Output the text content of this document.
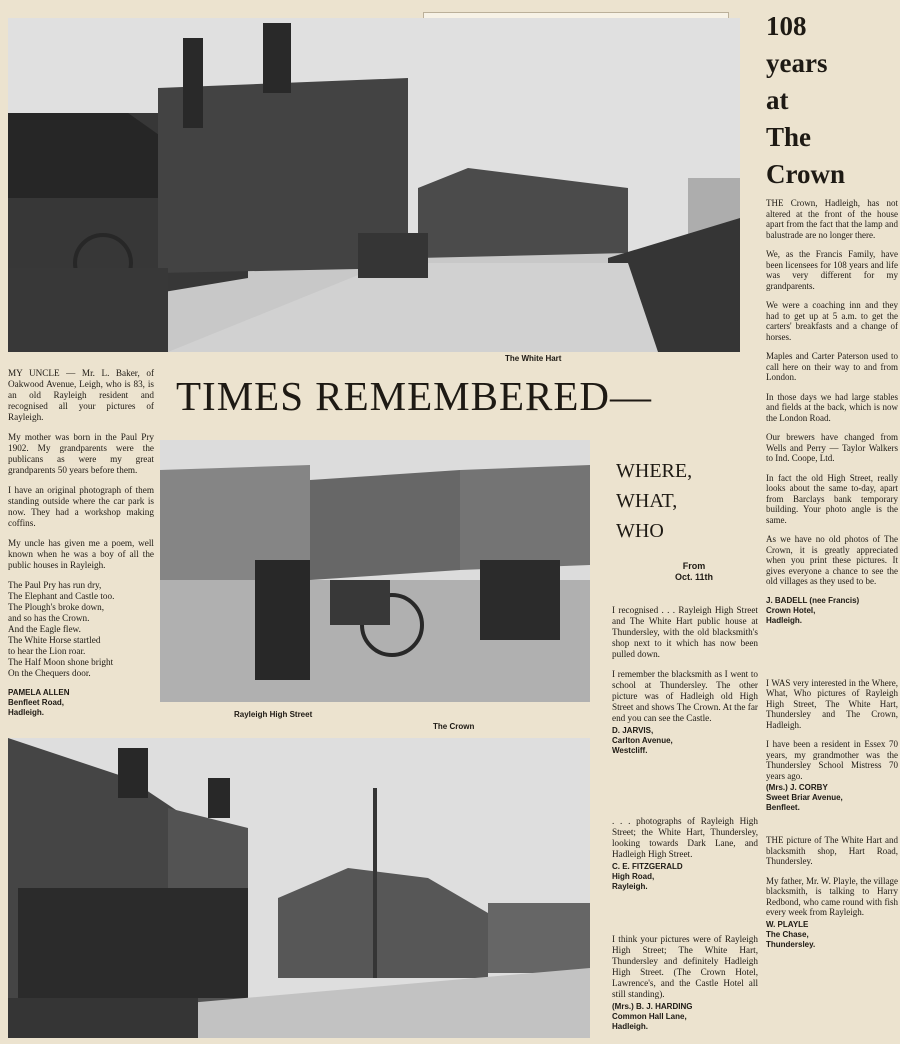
108
years
at
The
Crown
The White Hart
TIMES REMEMBERED—

MY UNCLE — Mr. L. Baker, of Oakwood Avenue, Leigh, who is 83, is an old Rayleigh resident and recognised all your pictures of Rayleigh.

My mother was born in the Paul Pry 1902. My grandparents were the publicans as were my great grandparents 50 years before them.

I have an original photograph of them standing outside where the car park is now. They had a workshop making coffins.

My uncle has given me a poem, well known when he was a boy of all the public houses in Rayleigh.

The Paul Pry has run dry,
The Elephant and Castle too.
The Plough's broke down,
and so has the Crown.
And the Eagle flew.
The White Horse startled
to hear the Lion roar.
The Half Moon shone bright
On the Chequers door.
PAMELA ALLEN
Benfleet Road,
Hadleigh.	Rayleigh High Street
The Crown
WHERE,
WHAT,
WHO
From Oct. 11th

I recognised . . . Rayleigh High Street and The White Hart public house at Thundersley, with the old blacksmith's shop next to it which has now been pulled down.

I remember the blacksmith as I went to school at Thundersley. The other picture was of Hadleigh old High Street and shows The Crown. At the far end you can see the Castle.

D. JARVIS,
Carlton Avenue,
Westcliff.

. . . photographs of Rayleigh High Street; the White Hart, Thundersley, looking towards Dark Lane, and Hadleigh High Street.

C. E. FITZGERALD
High Road,
Rayleigh.

I think your pictures were of Rayleigh High Street; The White Hart, Thundersley and definitely Hadleigh High Street. (The Crown Hotel, Lawrence's, and the Castle Hotel all still standing).

(Mrs.) B. J. HARDING
Common Hall Lane,
Hadleigh.

THE Crown, Hadleigh, has not altered at the front of the house apart from the fact that the lamp and balustrade are no longer there.

We, as the Francis Family, have been licensees for 108 years and life was very different for my grandparents.

We were a coaching inn and they had to get up at 5 a.m. to get the carters' breakfasts and a change of horses.

Maples and Carter Paterson used to call here on their way to and from London.

In those days we had large stables and fields at the back, which is now the London Road.

Our brewers have changed from Wells and Perry — Taylor Walkers to Ind. Coope, Ltd.

In fact the old High Street, really looks about the same to-day, apart from Barclays bank temporary building. Your photo angle is the same.

As we have no old photos of The Crown, it is greatly appreciated when you print these pictures. It gives everyone a chance to see the old villages as they used to be.

J. BADELL (nee Francis)
Crown Hotel,
Hadleigh.

I WAS very interested in the Where, What, Who pictures of Rayleigh High Street, The White Hart, Thundersley and The Crown, Hadleigh.

I have been a resident in Essex 70 years, my grandmother was the Thundersley School Mistress 70 years ago.

(Mrs.) J. CORBY
Sweet Briar Avenue,
Benfleet.

THE picture of The White Hart and blacksmith shop, Hart Road, Thundersley.

My father, Mr. W. Playle, the village blacksmith, is talking to Harry Redbond, who came round with fish every week from Rayleigh.

W. PLAYLE
The Chase,
Thundersley.
